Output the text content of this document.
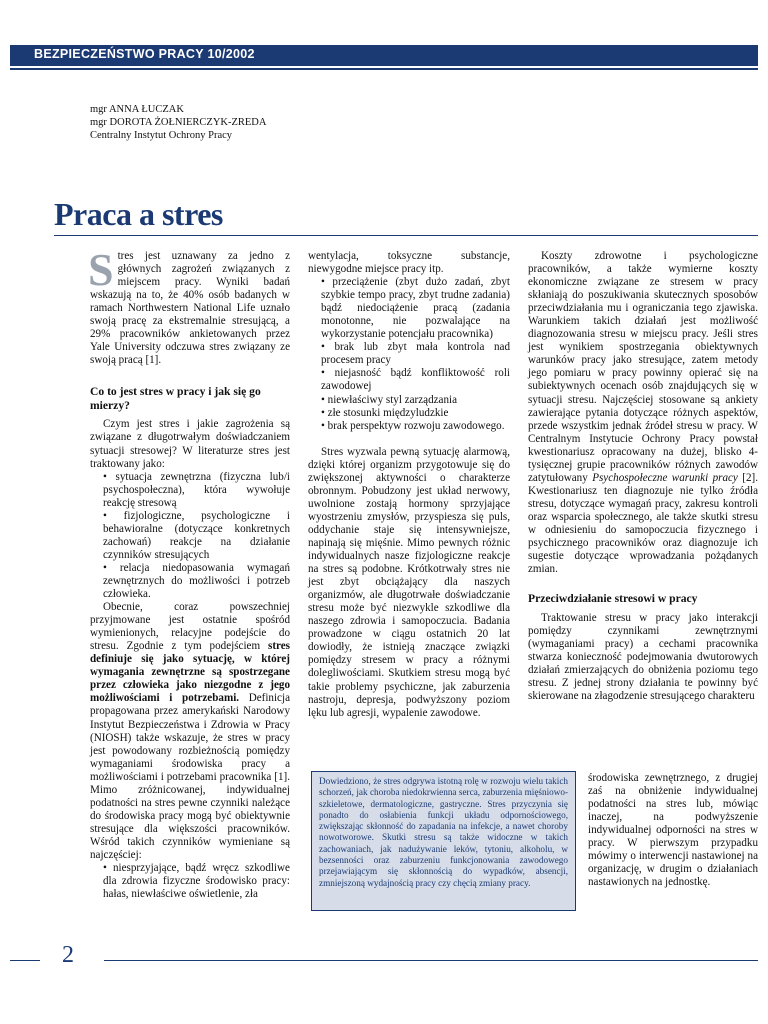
BEZPIECZEŃSTWO PRACY 10/2002
mgr ANNA ŁUCZAK
mgr DOROTA ŻOŁNIERCZYK-ZREDA
Centralny Instytut Ochrony Pracy
Praca a stres

Stres jest uznawany za jedno z głównych zagrożeń związanych z miejscem pracy. Wyniki badań wskazują na to, że 40% osób badanych w ramach Northwestern National Life uznało swoją pracę za ekstremalnie stresującą, a 29% pracowników ankietowanych przez Yale University odczuwa stres związany ze swoją pracą [1].

Co to jest stres w pracy i jak się go mierzy?

Czym jest stres i jakie zagrożenia są związane z długotrwałym doświadczaniem sytuacji stresowej? W literaturze stres jest traktowany jako:

• sytuacja zewnętrzna (fizyczna lub/i psychospołeczna), która wywołuje reakcję stresową

• fizjologiczne, psychologiczne i behawioralne (dotyczące konkretnych zachowań) reakcje na działanie czynników stresujących

• relacja niedopasowania wymagań zewnętrznych do możliwości i potrzeb człowieka.

Obecnie, coraz powszechniej przyjmowane jest ostatnie spośród wymienionych, relacyjne podejście do stresu. Zgodnie z tym podejściem stres definiuje się jako sytuację, w której wymagania zewnętrzne są spostrzegane przez człowieka jako niezgodne z jego możliwościami i potrzebami. Definicja propagowana przez amerykański Narodowy Instytut Bezpieczeństwa i Zdrowia w Pracy (NIOSH) także wskazuje, że stres w pracy jest powodowany rozbieżnością pomiędzy wymaganiami środowiska pracy a możliwościami i potrzebami pracownika [1]. Mimo zróżnicowanej, indywidualnej podatności na stres pewne czynniki należące do środowiska pracy mogą być obiektywnie stresujące dla większości pracowników. Wśród takich czynników wymieniane są najczęściej:

• niesprzyjające, bądź wręcz szkodliwe dla zdrowia fizyczne środowisko pracy: hałas, niewłaściwe oświetlenie, zła

wentylacja, toksyczne substancje, niewygodne miejsce pracy itp.

• przeciążenie (zbyt dużo zadań, zbyt szybkie tempo pracy, zbyt trudne zadania) bądź niedociążenie pracą (zadania monotonne, nie pozwalające na wykorzystanie potencjału pracownika)

• brak lub zbyt mała kontrola nad procesem pracy

• niejasność bądź konfliktowość roli zawodowej

• niewłaściwy styl zarządzania

• złe stosunki międzyludzkie

• brak perspektyw rozwoju zawodowego.

Stres wyzwala pewną sytuację alarmową, dzięki której organizm przygotowuje się do zwiększonej aktywności o charakterze obronnym. Pobudzony jest układ nerwowy, uwolnione zostają hormony sprzyjające wyostrzeniu zmysłów, przyspiesza się puls, oddychanie staje się intensywniejsze, napinają się mięśnie. Mimo pewnych różnic indywidualnych nasze fizjologiczne reakcje na stres są podobne. Krótkotrwały stres nie jest zbyt obciążający dla naszych organizmów, ale długotrwałe doświadczanie stresu może być niezwykle szkodliwe dla naszego zdrowia i samopoczucia. Badania prowadzone w ciągu ostatnich 20 lat dowiodły, że istnieją znaczące związki pomiędzy stresem w pracy a różnymi dolegliwościami. Skutkiem stresu mogą być takie problemy psychiczne, jak zaburzenia nastroju, depresja, podwyższony poziom lęku lub agresji, wypalenie zawodowe.

Dowiedziono, że stres odgrywa istotną rolę w rozwoju wielu takich schorzeń, jak choroba niedokrwienna serca, zaburzenia mięśniowo-szkieletowe, dermatologiczne, gastryczne. Stres przyczynia się ponadto do osłabienia funkcji układu odpornościowego, zwiększając skłonność do zapadania na infekcje, a nawet choroby nowotworowe. Skutki stresu są także widoczne w takich zachowaniach, jak nadużywanie leków, tytoniu, alkoholu, w bezsenności oraz zaburzeniu funkcjonowania zawodowego przejawiającym się skłonnością do wypadków, absencji, zmniejszoną wydajnością pracy czy chęcią zmiany pracy.

Koszty zdrowotne i psychologiczne pracowników, a także wymierne koszty ekonomiczne związane ze stresem w pracy skłaniają do poszukiwania skutecznych sposobów przeciwdziałania mu i ograniczania tego zjawiska. Warunkiem takich działań jest możliwość diagnozowania stresu w miejscu pracy. Jeśli stres jest wynikiem spostrzegania obiektywnych warunków pracy jako stresujące, zatem metody jego pomiaru w pracy powinny opierać się na subiektywnych ocenach osób znajdujących się w sytuacji stresu. Najczęściej stosowane są ankiety zawierające pytania dotyczące różnych aspektów, przede wszystkim jednak źródeł stresu w pracy. W Centralnym Instytucie Ochrony Pracy powstał kwestionariusz opracowany na dużej, blisko 4-tysięcznej grupie pracowników różnych zawodów zatytułowany Psychospołeczne warunki pracy [2]. Kwestionariusz ten diagnozuje nie tylko źródła stresu, dotyczące wymagań pracy, zakresu kontroli oraz wsparcia społecznego, ale także skutki stresu w odniesieniu do samopoczucia fizycznego i psychicznego pracowników oraz diagnozuje ich sugestie dotyczące wprowadzania pożądanych zmian.

Przeciwdziałanie stresowi w pracy

Traktowanie stresu w pracy jako interakcji pomiędzy czynnikami zewnętrznymi (wymaganiami pracy) a cechami pracownika stwarza konieczność podejmowania dwutorowych działań zmierzających do obniżenia poziomu tego stresu. Z jednej strony działania te powinny być skierowane na złagodzenie stresującego charakteru

środowiska zewnętrznego, z drugiej zaś na obniżenie indywidualnej podatności na stres lub, mówiąc inaczej, na podwyższenie indywidualnej odporności na stres w pracy. W pierwszym przypadku mówimy o interwencji nastawionej na organizację, w drugim o działaniach nastawionych na jednostkę.
2
